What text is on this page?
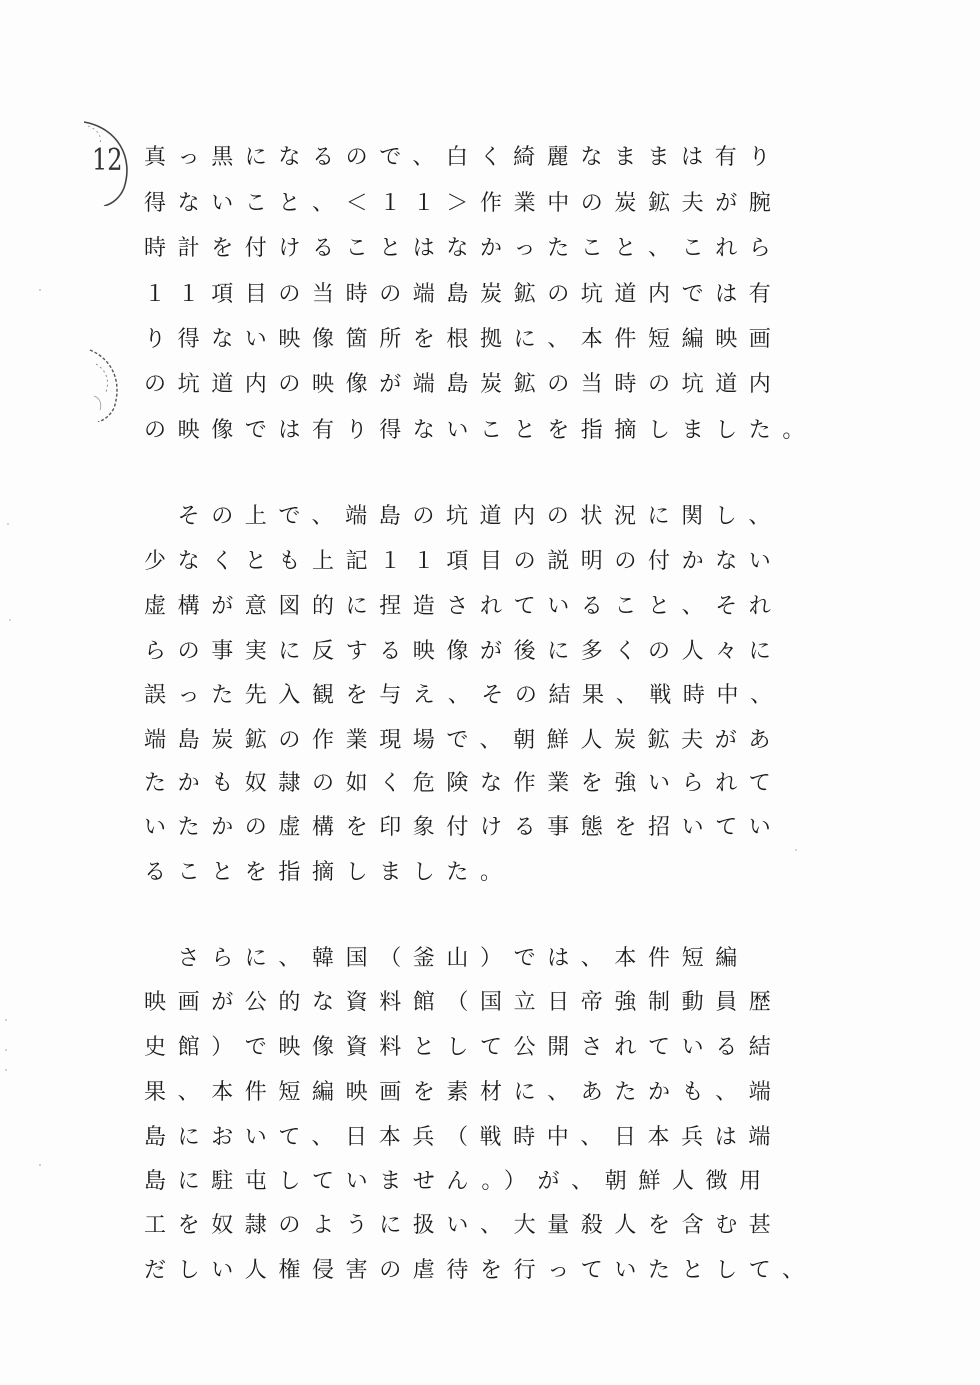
12 真っ黒になるので、白く綺麗なままは有り
得ないこと、＜１１＞作業中の炭鉱夫が腕
時計を付けることはなかったこと、これら
１１項目の当時の端島炭鉱の坑道内では有
り得ない映像箇所を根拠に、本件短編映画
の坑道内の映像が端島炭鉱の当時の坑道内
の映像では有り得ないことを指摘しました。
　その上で、端島の坑道内の状況に関し、
少なくとも上記１１項目の説明の付かない
虚構が意図的に捏造されていること、それ
らの事実に反する映像が後に多くの人々に
誤った先入観を与え、その結果、戦時中、
端島炭鉱の作業現場で、朝鮮人炭鉱夫があ
たかも奴隷の如く危険な作業を強いられて
いたかの虚構を印象付ける事態を招いてい
ることを指摘しました。
　さらに、韓国（釜山）では、本件短編
映画が公的な資料館（国立日帝強制動員歴
史館）で映像資料として公開されている結
果、本件短編映画を素材に、あたかも、端
島において、日本兵（戦時中、日本兵は端
島に駐屯していません。）が、朝鮮人徴用
工を奴隷のように扱い、大量殺人を含む甚
だしい人権侵害の虐待を行っていたとして、
